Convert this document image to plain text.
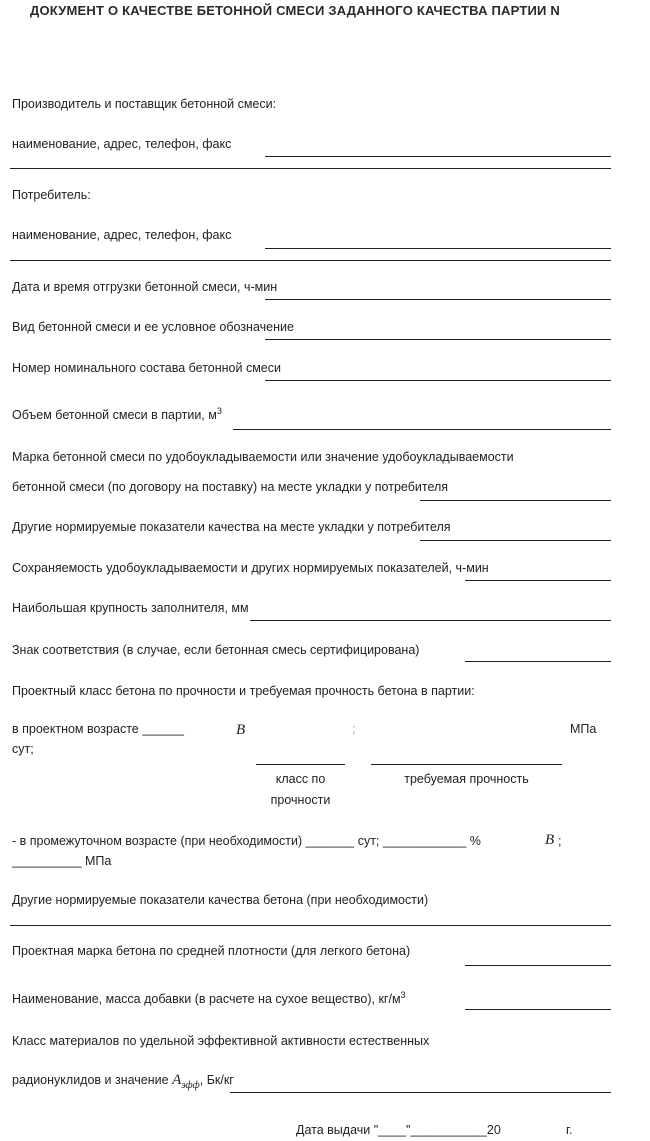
ДОКУМЕНТ О КАЧЕСТВЕ БЕТОННОЙ СМЕСИ ЗАДАННОГО КАЧЕСТВА ПАРТИИ N
Производитель и поставщик бетонной смеси:
наименование, адрес, телефон, факс
Потребитель:
наименование, адрес, телефон, факс
Дата и время отгрузки бетонной смеси, ч-мин
Вид бетонной смеси и ее условное обозначение
Номер номинального состава бетонной смеси
Объем бетонной смеси в партии, $м^3$
Марка бетонной смеси по удобоукладываемости или значение удобоукладываемости
бетонной смеси (по договору на поставку) на месте укладки у потребителя
Другие нормируемые показатели качества на месте укладки у потребителя
Сохраняемость удобоукладываемости и других нормируемых показателей, ч-мин
Наибольшая крупность заполнителя, мм
Знак соответствия (в случае, если бетонная смесь сертифицирована)
Проектный класс бетона по прочности и требуемая прочность бетона в партии:
в проектном возрасте ______
сут;
B	;	МПа
класс по
прочности
требуемая прочность
- в промежуточном возрасте (при необходимости) _______ сут; ____________ %	B ;
__________ МПа
Другие нормируемые показатели качества бетона (при необходимости)
Проектная марка бетона по средней плотности (для легкого бетона)
Наименование, масса добавки (в расчете на сухое вещество), $кг/м^3$
Класс материалов по удельной эффективной активности естественных
радионуклидов и значение $A_{эфф}$, Бк/кг
Дата выдачи "____"___________20	г.
